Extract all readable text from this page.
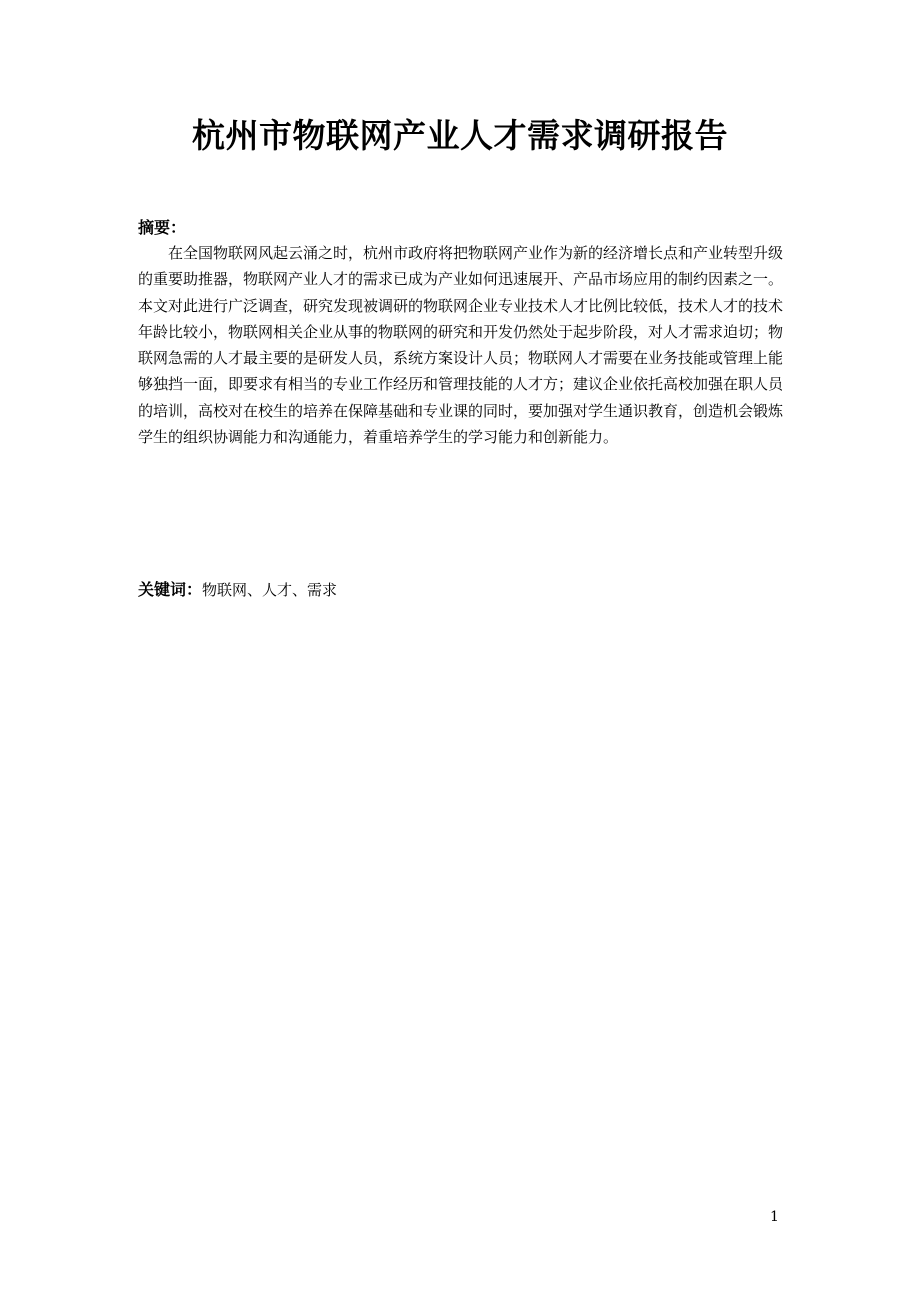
杭州市物联网产业人才需求调研报告
摘要：
在全国物联网风起云涌之时，杭州市政府将把物联网产业作为新的经济增长点和产业转型升级的重要助推器，物联网产业人才的需求已成为产业如何迅速展开、产品市场应用的制约因素之一。本文对此进行广泛调查，研究发现被调研的物联网企业专业技术人才比例比较低，技术人才的技术年龄比较小，物联网相关企业从事的物联网的研究和开发仍然处于起步阶段，对人才需求迫切；物联网急需的人才最主要的是研发人员，系统方案设计人员；物联网人才需要在业务技能或管理上能够独挡一面，即要求有相当的专业工作经历和管理技能的人才方；建议企业依托高校加强在职人员的培训，高校对在校生的培养在保障基础和专业课的同时，要加强对学生通识教育，创造机会锻炼学生的组织协调能力和沟通能力，着重培养学生的学习能力和创新能力。
关键词：物联网、人才、需求
1
